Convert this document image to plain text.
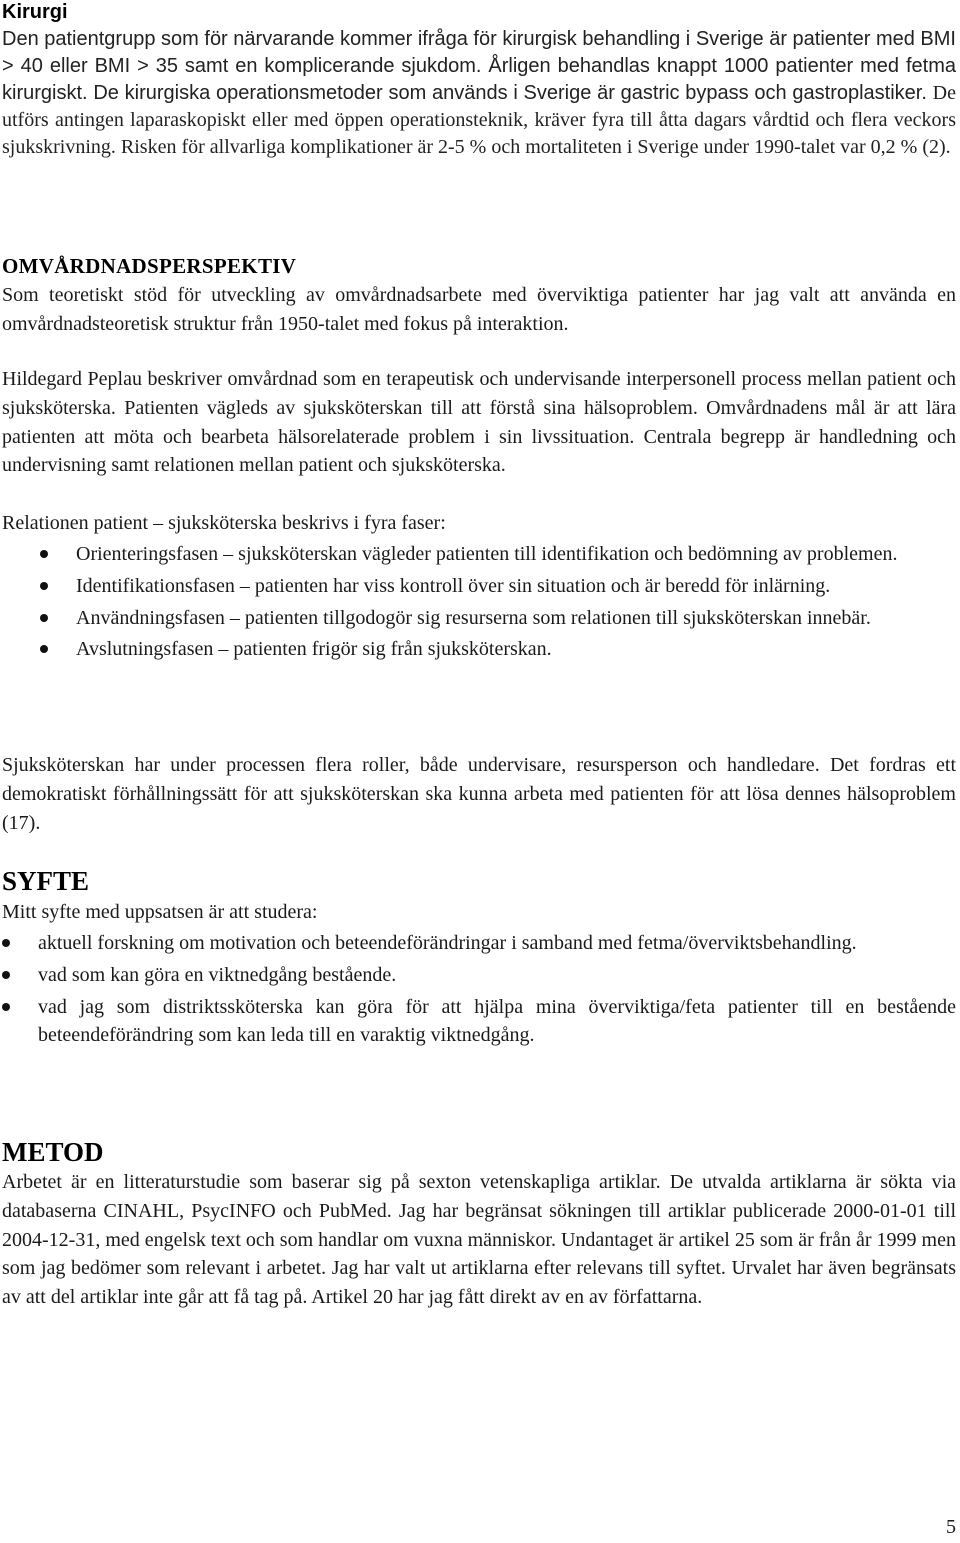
Kirurgi

Den patientgrupp som för närvarande kommer ifråga för kirurgisk behandling i Sverige är patienter med BMI > 40 eller BMI > 35 samt en komplicerande sjukdom. Årligen behandlas knappt 1000 patienter med fetma kirurgiskt. De kirurgiska operationsmetoder som används i Sverige är gastric bypass och gastroplastiker. De utförs antingen laparaskopiskt eller med öppen operationsteknik, kräver fyra till åtta dagars vårdtid och flera veckors sjukskrivning. Risken för allvarliga komplikationer är 2-5 % och mortaliteten i Sverige under 1990-talet var 0,2 % (2).

OMVÅRDNADSPERSPEKTIV

Som teoretiskt stöd för utveckling av omvårdnadsarbete med överviktiga patienter har jag valt att använda en omvårdnadsteoretisk struktur från 1950-talet med fokus på interaktion.

Hildegard Peplau beskriver omvårdnad som en terapeutisk och undervisande interpersonell process mellan patient och sjuksköterska. Patienten vägleds av sjuksköterskan till att förstå sina hälsoproblem. Omvårdnadens mål är att lära patienten att möta och bearbeta hälsorelaterade problem i sin livssituation. Centrala begrepp är handledning och undervisning samt relationen mellan patient och sjuksköterska.

Relationen patient – sjuksköterska beskrivs i fyra faser:

Orienteringsfasen – sjuksköterskan vägleder patienten till identifikation och bedömning av problemen.
Identifikationsfasen – patienten har viss kontroll över sin situation och är beredd för inlärning.
Användningsfasen – patienten tillgodogör sig resurserna som relationen till sjuksköterskan innebär.
Avslutningsfasen – patienten frigör sig från sjuksköterskan.

Sjuksköterskan har under processen flera roller, både undervisare, resursperson och handledare. Det fordras ett demokratiskt förhållningssätt för att sjuksköterskan ska kunna arbeta med patienten för att lösa dennes hälsoproblem (17).

SYFTE

Mitt syfte med uppsatsen är att studera:

aktuell forskning om motivation och beteendeförändringar i samband med fetma/överviktsbehandling.
vad som kan göra en viktnedgång bestående.
vad jag som distriktssköterska kan göra för att hjälpa mina överviktiga/feta patienter till en bestående beteendeförändring som kan leda till en varaktig viktnedgång.
METOD

Arbetet är en litteraturstudie som baserar sig på sexton vetenskapliga artiklar. De utvalda artiklarna är sökta via databaserna CINAHL, PsycINFO och PubMed. Jag har begränsat sökningen till artiklar publicerade 2000-01-01 till 2004-12-31, med engelsk text och som handlar om vuxna människor. Undantaget är artikel 25 som är från år 1999 men som jag bedömer som relevant i arbetet. Jag har valt ut artiklarna efter relevans till syftet. Urvalet har även begränsats av att del artiklar inte går att få tag på. Artikel 20 har jag fått direkt av en av författarna.

5
